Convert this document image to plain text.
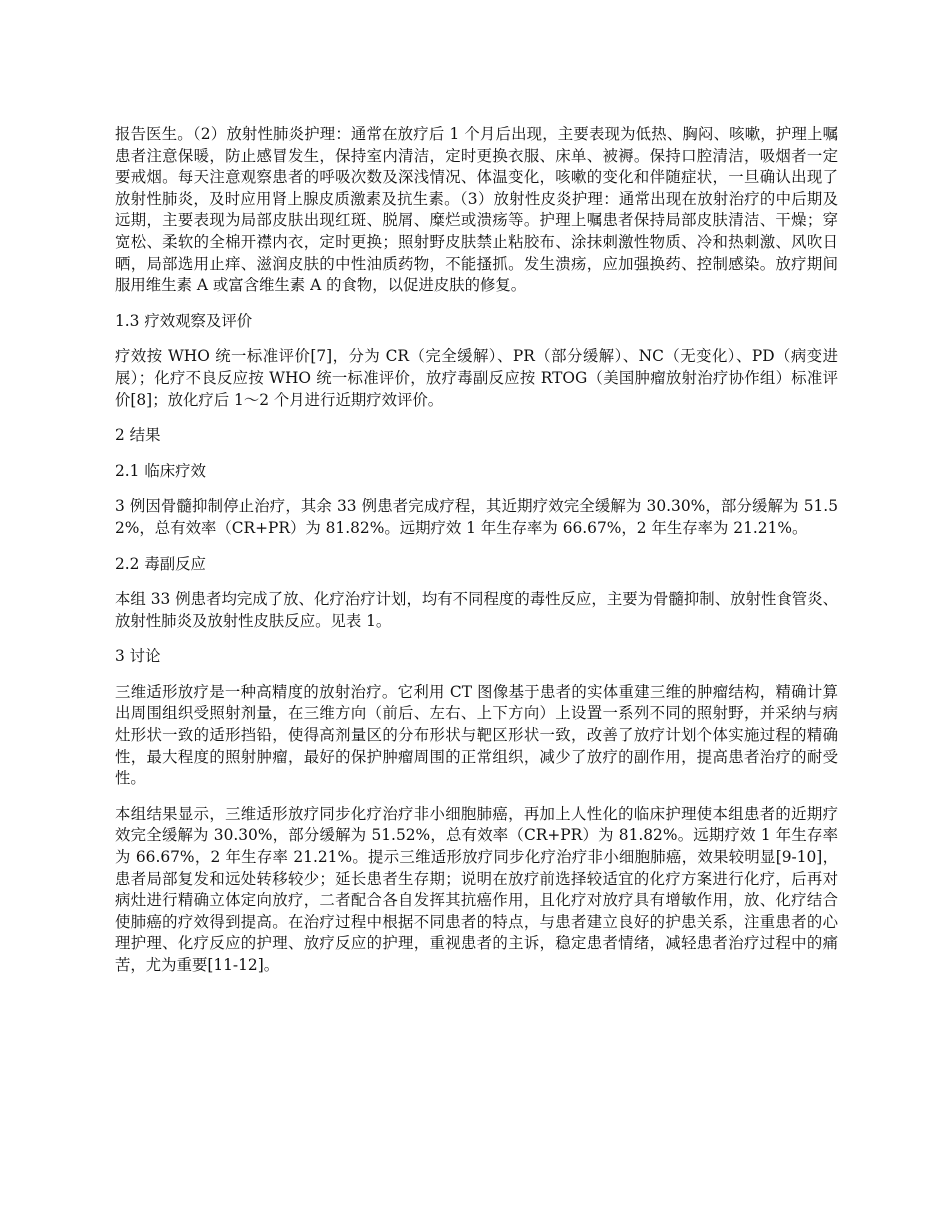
报告医生。（2）放射性肺炎护理：通常在放疗后 1 个月后出现，主要表现为低热、胸闷、咳嗽，护理上嘱患者注意保暖，防止感冒发生，保持室内清洁，定时更换衣服、床单、被褥。保持口腔清洁，吸烟者一定要戒烟。每天注意观察患者的呼吸次数及深浅情况、体温变化，咳嗽的变化和伴随症状，一旦确认出现了放射性肺炎，及时应用肾上腺皮质激素及抗生素。（3）放射性皮炎护理：通常出现在放射治疗的中后期及远期，主要表现为局部皮肤出现红斑、脱屑、糜烂或溃疡等。护理上嘱患者保持局部皮肤清洁、干燥；穿宽松、柔软的全棉开襟内衣，定时更换；照射野皮肤禁止粘胶布、涂抹刺激性物质、冷和热刺激、风吹日晒，局部选用止痒、滋润皮肤的中性油质药物，不能搔抓。发生溃疡，应加强换药、控制感染。放疗期间服用维生素 A 或富含维生素 A 的食物，以促进皮肤的修复。

1.3 疗效观察及评价

疗效按 WHO 统一标准评价[7]，分为 CR（完全缓解）、PR（部分缓解）、NC（无变化）、PD（病变进展）；化疗不良反应按 WHO 统一标准评价，放疗毒副反应按 RTOG（美国肿瘤放射治疗协作组）标准评价[8]；放化疗后 1～2 个月进行近期疗效评价。

2 结果

2.1 临床疗效

3 例因骨髓抑制停止治疗，其余 33 例患者完成疗程，其近期疗效完全缓解为 30.30%，部分缓解为 51.52%，总有效率（CR+PR）为 81.82%。远期疗效 1 年生存率为 66.67%，2 年生存率为 21.21%。

2.2 毒副反应

本组 33 例患者均完成了放、化疗治疗计划，均有不同程度的毒性反应，主要为骨髓抑制、放射性食管炎、放射性肺炎及放射性皮肤反应。见表 1。

3 讨论

三维适形放疗是一种高精度的放射治疗。它利用 CT 图像基于患者的实体重建三维的肿瘤结构，精确计算出周围组织受照射剂量，在三维方向（前后、左右、上下方向）上设置一系列不同的照射野，并采纳与病灶形状一致的适形挡铅，使得高剂量区的分布形状与靶区形状一致，改善了放疗计划个体实施过程的精确性，最大程度的照射肿瘤，最好的保护肿瘤周围的正常组织，减少了放疗的副作用，提高患者治疗的耐受性。

本组结果显示，三维适形放疗同步化疗治疗非小细胞肺癌，再加上人性化的临床护理使本组患者的近期疗效完全缓解为 30.30%，部分缓解为 51.52%，总有效率（CR+PR）为 81.82%。远期疗效 1 年生存率为 66.67%，2 年生存率 21.21%。提示三维适形放疗同步化疗治疗非小细胞肺癌，效果较明显[9-10]，患者局部复发和远处转移较少；延长患者生存期；说明在放疗前选择较适宜的化疗方案进行化疗，后再对病灶进行精确立体定向放疗，二者配合各自发挥其抗癌作用，且化疗对放疗具有增敏作用，放、化疗结合使肺癌的疗效得到提高。在治疗过程中根据不同患者的特点，与患者建立良好的护患关系，注重患者的心理护理、化疗反应的护理、放疗反应的护理，重视患者的主诉，稳定患者情绪，减轻患者治疗过程中的痛苦，尤为重要[11-12]。
